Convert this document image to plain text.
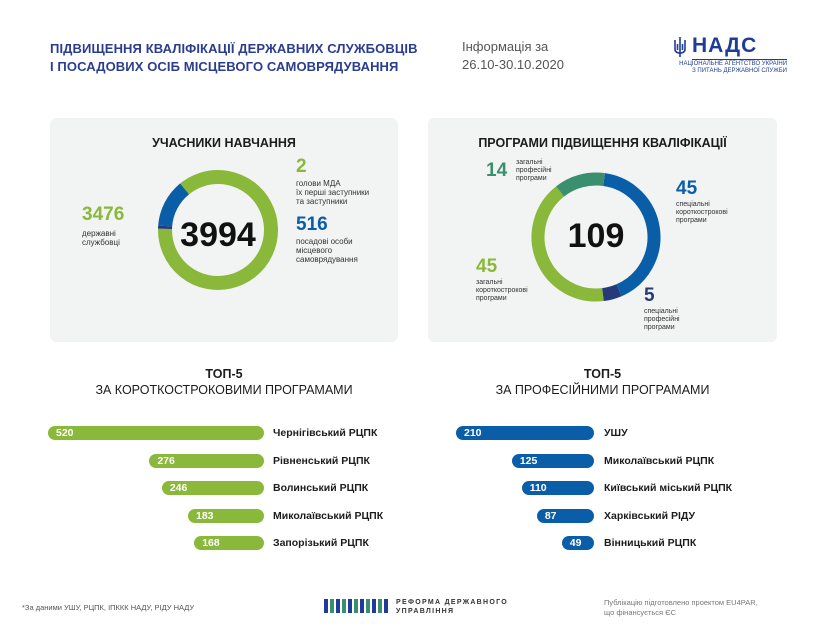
ПІДВИЩЕННЯ КВАЛІФІКАЦІЇ ДЕРЖАВНИХ СЛУЖБОВЦІВ
І ПОСАДОВИХ ОСІБ МІСЦЕВОГО САМОВРЯДУВАННЯ
Інформація за
26.10-30.10.2020
НАДС
НАЦІОНАЛЬНЕ АГЕНТСТВО УКРАЇНИ
З ПИТАНЬ ДЕРЖАВНОЇ СЛУЖБИ
УЧАСНИКИ НАВЧАННЯ
3994
3476
державні
службовці
2
голови МДА
їх перші заступники
та заступники
516
посадові особи
місцевого
самоврядування
ПРОГРАМИ ПІДВИЩЕННЯ КВАЛІФІКАЦІЇ
109
14 загальні
професійні
програми	45
спеціальні
короткострокові
програми
45
загальні
короткострокові
програми	5
спеціальні
професійні
програми
ТОП-5
ЗА КОРОТКОСТРОКОВИМИ ПРОГРАМАМИ
ТОП-5
ЗА ПРОФЕСІЙНИМИ ПРОГРАМАМИ
520	Чернігівський РЦПК
276	Рівненський РЦПК
246	Волинський РЦПК
183	Миколаївський РЦПК
168	Запорізький РЦПК
210	УШУ
125	Миколаївський РЦПК
110	Київський міський РЦПК
87	Харківський РІДУ
49 Вінницький РЦПК
*За даними УШУ, РЦПК, ІПККК НАДУ, РІДУ НАДУ
РЕФОРМА ДЕРЖАВНОГО
УПРАВЛІННЯ
Публікацію підготовлено проектом EU4PAR,
що фінансується ЄС
